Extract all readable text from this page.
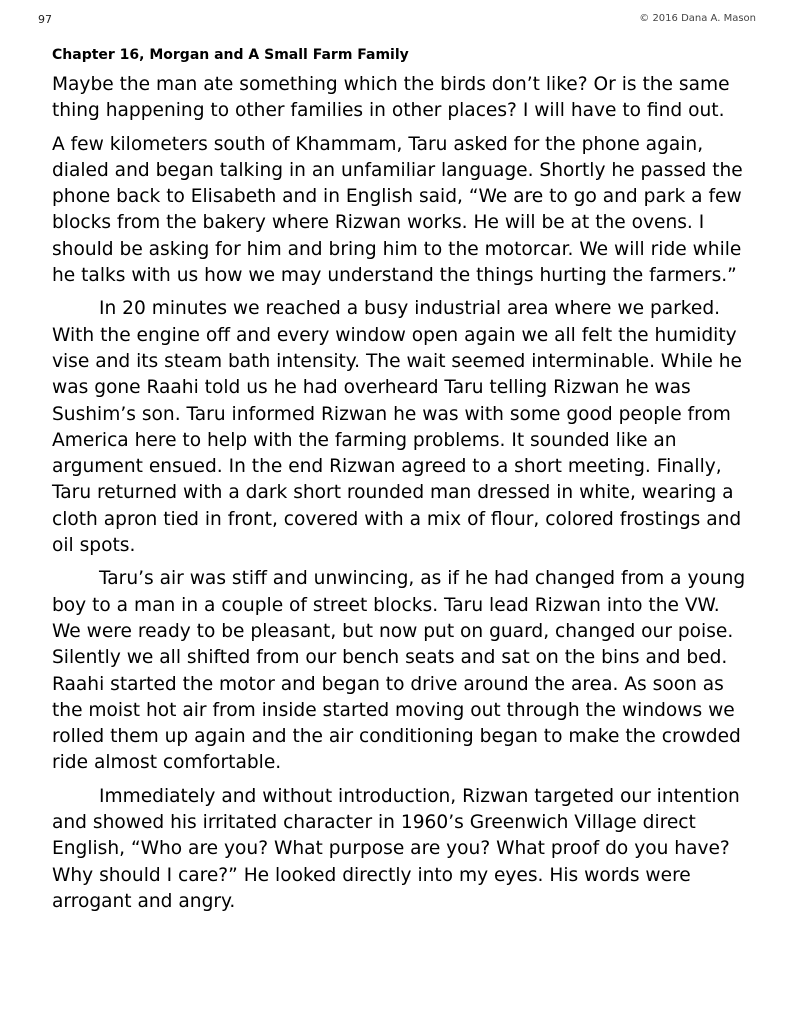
97	© 2016 Dana A. Mason
Chapter 16, Morgan and A Small Farm Family

Maybe the man ate something which the birds don’t like? Or is the same thing happening to other families in other places? I will have to find out.

A few kilometers south of Khammam, Taru asked for the phone again, dialed and began talking in an unfamiliar language. Shortly he passed the phone back to Elisabeth and in English said, “We are to go and park a few blocks from the bakery where Rizwan works. He will be at the ovens. I should be asking for him and bring him to the motorcar. We will ride while he talks with us how we may understand the things hurting the farmers.”

In 20 minutes we reached a busy industrial area where we parked. With the engine off and every window open again we all felt the humidity vise and its steam bath intensity. The wait seemed interminable. While he was gone Raahi told us he had overheard Taru telling Rizwan he was Sushim’s son. Taru informed Rizwan he was with some good people from America here to help with the farming problems. It sounded like an argument ensued. In the end Rizwan agreed to a short meeting. Finally, Taru returned with a dark short rounded man dressed in white, wearing a cloth apron tied in front, covered with a mix of flour, colored frostings and oil spots.

Taru’s air was stiff and unwincing, as if he had changed from a young boy to a man in a couple of street blocks. Taru lead Rizwan into the VW. We were ready to be pleasant, but now put on guard, changed our poise. Silently we all shifted from our bench seats and sat on the bins and bed. Raahi started the motor and began to drive around the area. As soon as the moist hot air from inside started moving out through the windows we rolled them up again and the air conditioning began to make the crowded ride almost comfortable.

Immediately and without introduction, Rizwan targeted our intention and showed his irritated character in 1960’s Greenwich Village direct English, “Who are you? What purpose are you? What proof do you have? Why should I care?” He looked directly into my eyes. His words were arrogant and angry.
